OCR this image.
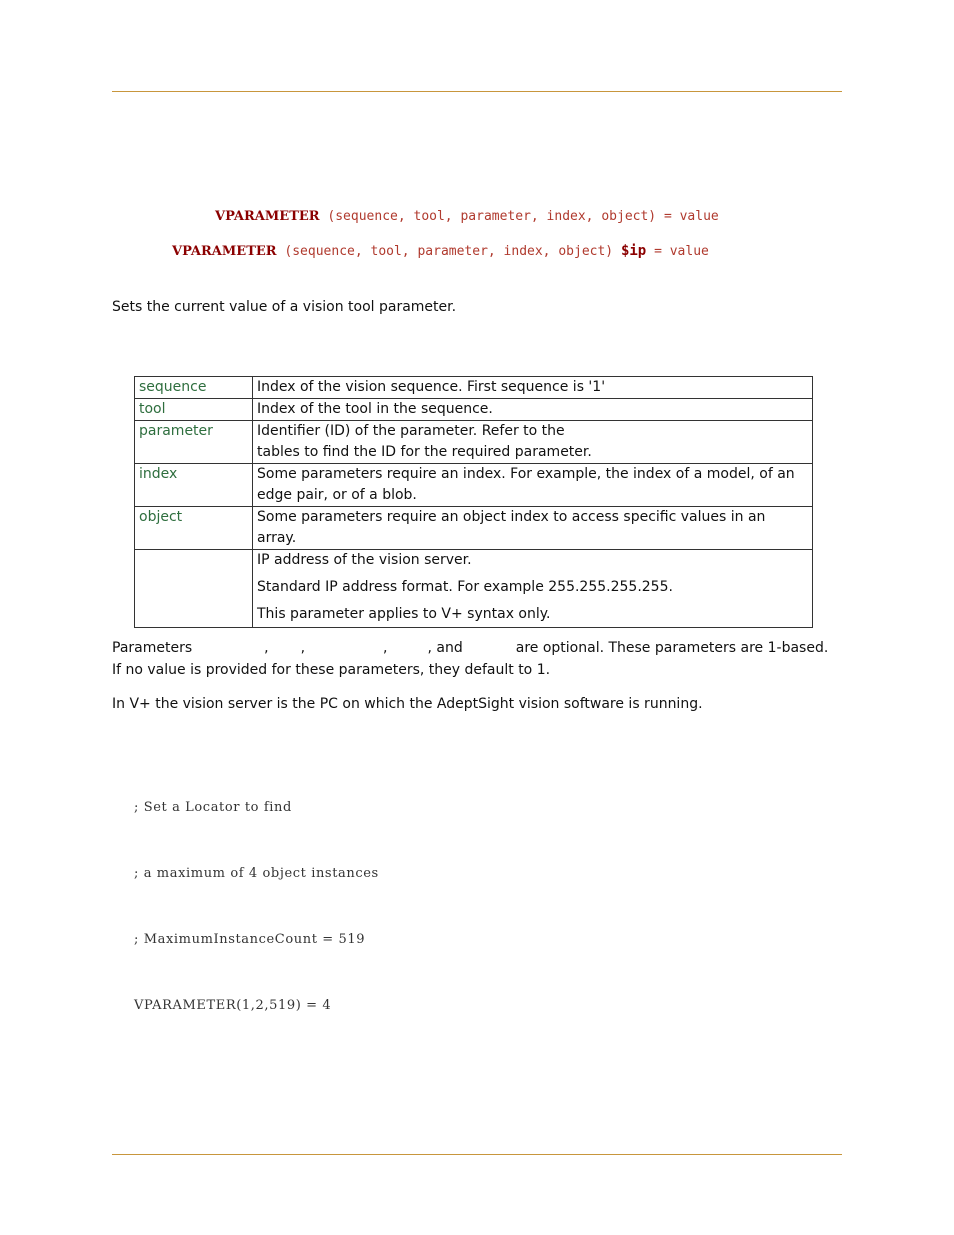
VPARAMETER (sequence, tool, parameter, index, object) = value
VPARAMETER (sequence, tool, parameter, index, object) $ip = value
Sets the current value of a vision tool parameter.
sequence	Index of the vision sequence. First sequence is '1'

tool	Index of the tool in the sequence.

parameter	Identifier (ID) of the parameter. Refer to the
tables to find the ID for the required parameter.

index	Some parameters require an index. For example, the index of a model, of an
edge pair, or of a blob.

object	Some parameters require an object index to access specific values in an array.

	IP address of the vision server.

Standard IP address format. For example 255.255.255.255.

This parameter applies to V+ syntax only.

Parameters	, ,	,	, and	are optional. These parameters are 1-based.
If no value is provided for these parameters, they default to 1.
In V+ the vision server is the PC on which the AdeptSight vision software is running.

; Set a Locator to find

; a maximum of 4 object instances

; MaximumInstanceCount = 519

VPARAMETER(1,2,519) = 4
